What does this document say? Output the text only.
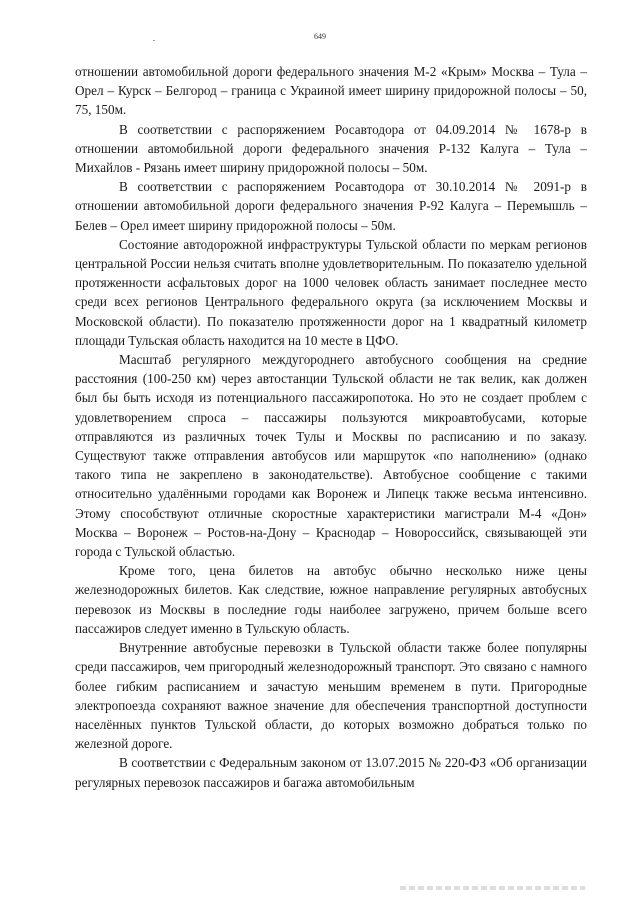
649

отношении автомобильной дороги федерального значения М-2 «Крым» Москва – Тула – Орел – Курск – Белгород – граница с Украиной имеет ширину придорожной полосы – 50, 75, 150м.

В соответствии с распоряжением Росавтодора от 04.09.2014 № 1678-р в отношении автомобильной дороги федерального значения Р-132 Калуга – Тула – Михайлов - Рязань имеет ширину придорожной полосы – 50м.

В соответствии с распоряжением Росавтодора от 30.10.2014 № 2091-р в отношении автомобильной дороги федерального значения Р-92 Калуга – Перемышль – Белев – Орел имеет ширину придорожной полосы – 50м.

Состояние автодорожной инфраструктуры Тульской области по меркам регионов центральной России нельзя считать вполне удовлетворительным. По показателю удельной протяженности асфальтовых дорог на 1000 человек область занимает последнее место среди всех регионов Центрального федерального округа (за исключением Москвы и Московской области). По показателю протяженности дорог на 1 квадратный километр площади Тульская область находится на 10 месте в ЦФО.

Масштаб регулярного междугороднего автобусного сообщения на средние расстояния (100-250 км) через автостанции Тульской области не так велик, как должен был бы быть исходя из потенциального пассажиропотока. Но это не создает проблем с удовлетворением спроса – пассажиры пользуются микроавтобусами, которые отправляются из различных точек Тулы и Москвы по расписанию и по заказу. Существуют также отправления автобусов или маршруток «по наполнению» (однако такого типа не закреплено в законодательстве). Автобусное сообщение с такими относительно удалёнными городами как Воронеж и Липецк также весьма интенсивно. Этому способствуют отличные скоростные характеристики магистрали М-4 «Дон» Москва – Воронеж – Ростов-на-Дону – Краснодар – Новороссийск, связывающей эти города с Тульской областью.

Кроме того, цена билетов на автобус обычно несколько ниже цены железнодорожных билетов. Как следствие, южное направление регулярных автобусных перевозок из Москвы в последние годы наиболее загружено, причем больше всего пассажиров следует именно в Тульскую область.

Внутренние автобусные перевозки в Тульской области также более популярны среди пассажиров, чем пригородный железнодорожный транспорт. Это связано с намного более гибким расписанием и зачастую меньшим временем в пути. Пригородные электропоезда сохраняют важное значение для обеспечения транспортной доступности населённых пунктов Тульской области, до которых возможно добраться только по железной дороге.

В соответствии с Федеральным законом от 13.07.2015 № 220-ФЗ «Об организации регулярных перевозок пассажиров и багажа автомобильным
